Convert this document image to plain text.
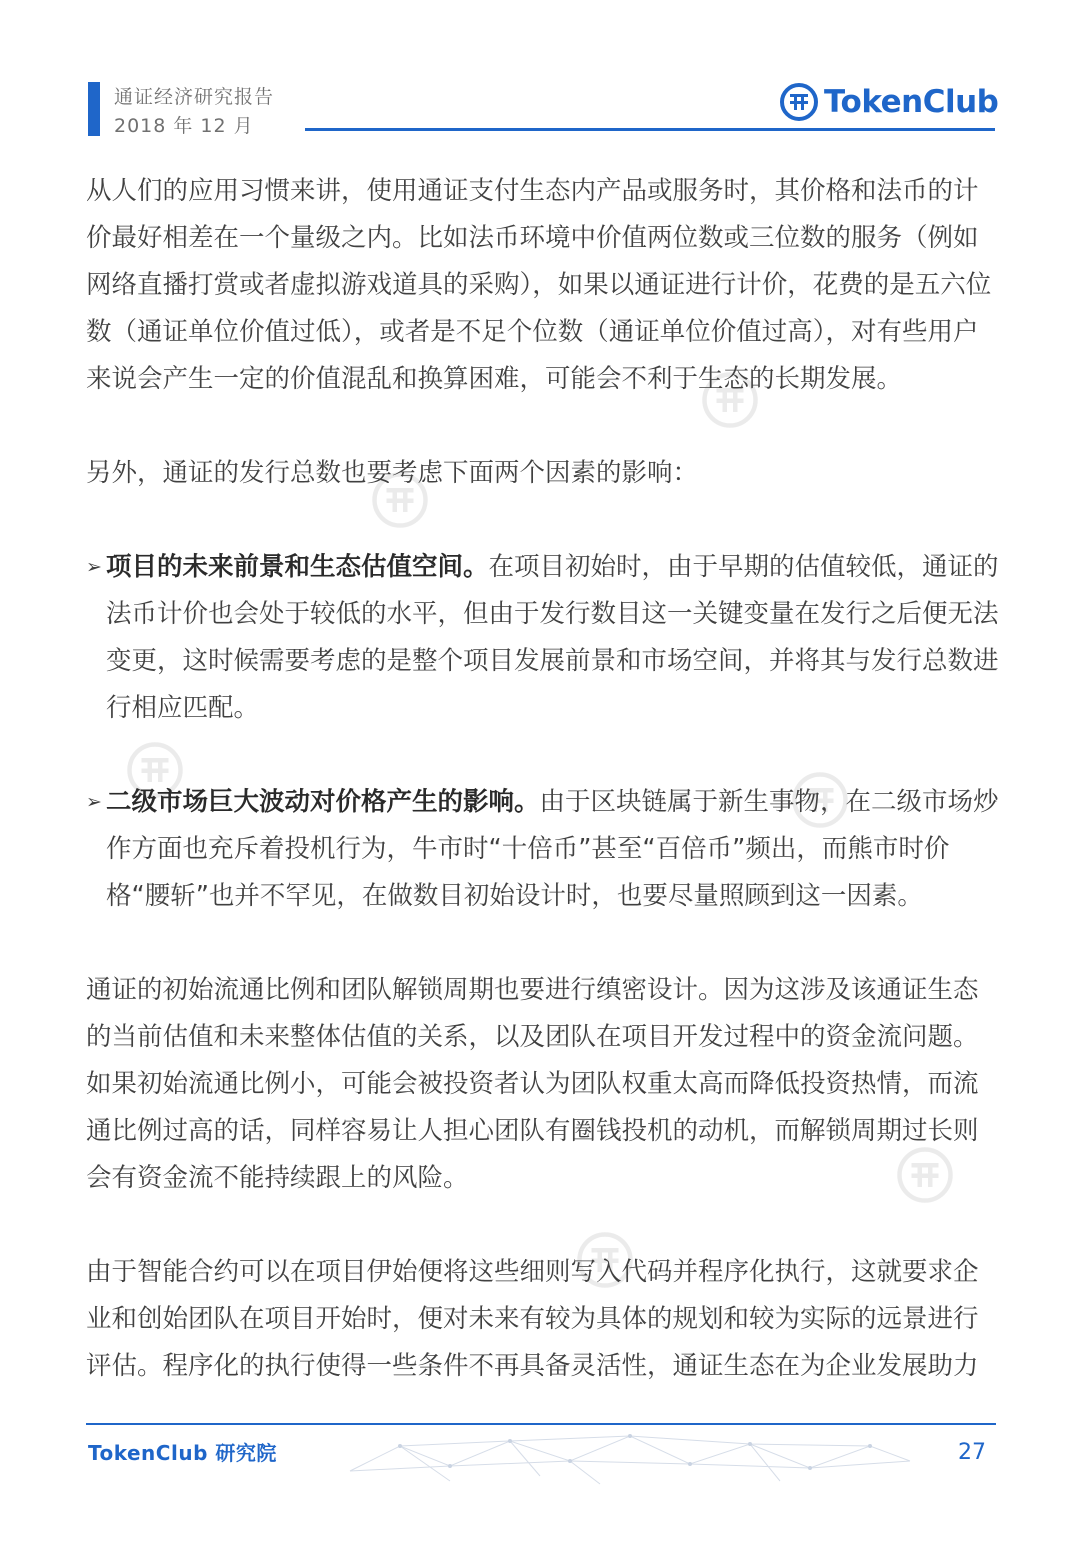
通证经济研究报告
2018 年 12 月
TokenClub

从人们的应用习惯来讲，使用通证支付生态内产品或服务时，其价格和法币的计价最好相差在一个量级之内。比如法币环境中价值两位数或三位数的服务（例如网络直播打赏或者虚拟游戏道具的采购），如果以通证进行计价，花费的是五六位数（通证单位价值过低），或者是不足个位数（通证单位价值过高），对有些用户来说会产生一定的价值混乱和换算困难，可能会不利于生态的长期发展。

另外，通证的发行总数也要考虑下面两个因素的影响：

➢ 项目的未来前景和生态估值空间。在项目初始时，由于早期的估值较低，通证的法币计价也会处于较低的水平，但由于发行数目这一关键变量在发行之后便无法变更，这时候需要考虑的是整个项目发展前景和市场空间，并将其与发行总数进行相应匹配。
➢ 二级市场巨大波动对价格产生的影响。由于区块链属于新生事物，在二级市场炒作方面也充斥着投机行为，牛市时“十倍币”甚至“百倍币”频出，而熊市时价格“腰斩”也并不罕见，在做数目初始设计时，也要尽量照顾到这一因素。

通证的初始流通比例和团队解锁周期也要进行缜密设计。因为这涉及该通证生态的当前估值和未来整体估值的关系，以及团队在项目开发过程中的资金流问题。如果初始流通比例小，可能会被投资者认为团队权重太高而降低投资热情，而流通比例过高的话，同样容易让人担心团队有圈钱投机的动机，而解锁周期过长则会有资金流不能持续跟上的风险。

由于智能合约可以在项目伊始便将这些细则写入代码并程序化执行，这就要求企业和创始团队在项目开始时，便对未来有较为具体的规划和较为实际的远景进行评估。程序化的执行使得一些条件不再具备灵活性，通证生态在为企业发展助力

TokenClub 研究院	27
